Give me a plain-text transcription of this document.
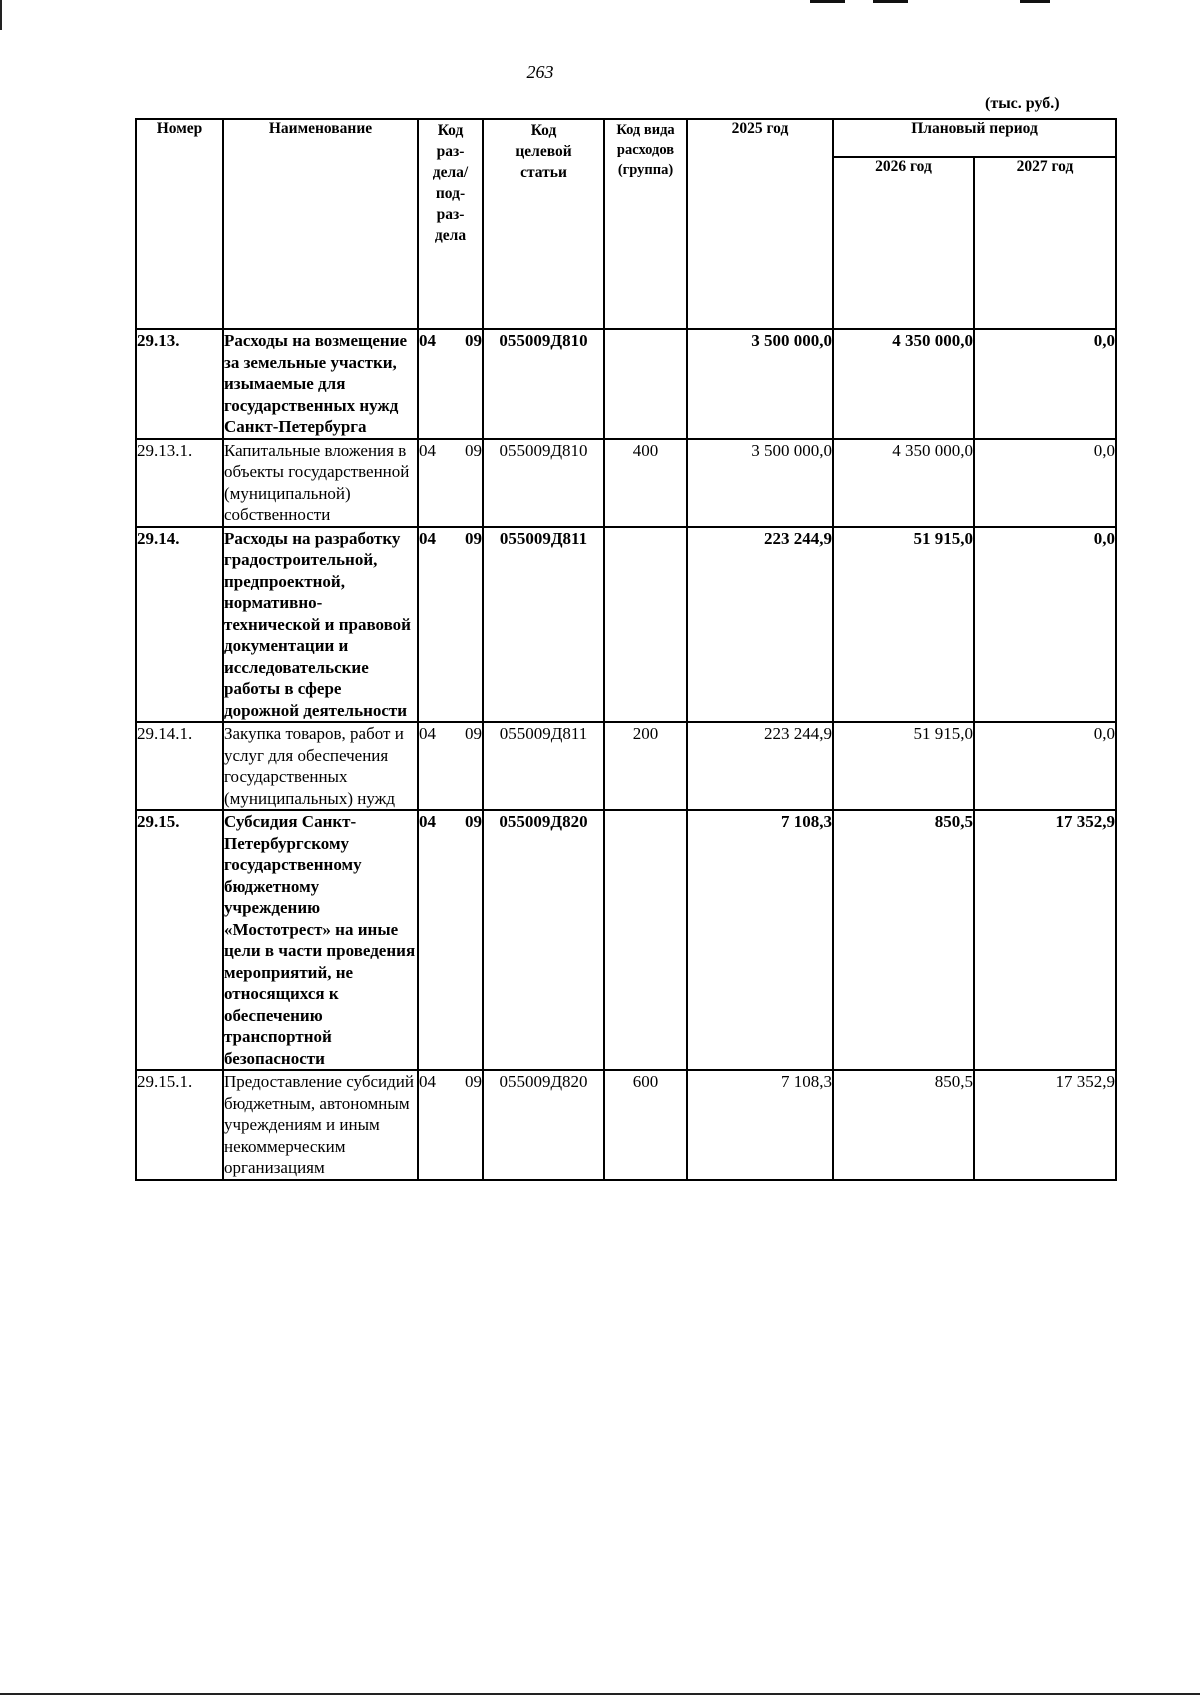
263
(тыс. руб.)
Номер	Наименование	Код раз-дела/ под-раз-дела	Код целевой статьи	Код вида расходов (группа)	2025 год	Плановый период	
						2026 год	2027 год
29.13.	Расходы на возмещение за земельные участки, изымаемые для государственных нужд Санкт-Петербурга	04 09	055009Д810		3 500 000,0	4 350 000,0	0,0
29.13.1.	Капитальные вложения в объекты государственной (муниципальной) собственности	04 09	055009Д810	400	3 500 000,0	4 350 000,0	0,0
29.14.	Расходы на разработку градостроительной, предпроектной, нормативно-технической и правовой документации и исследовательские работы в сфере дорожной деятельности	04 09	055009Д811		223 244,9	51 915,0	0,0
29.14.1.	Закупка товаров, работ и услуг для обеспечения государственных (муниципальных) нужд	04 09	055009Д811	200	223 244,9	51 915,0	0,0
29.15.	Субсидия Санкт-Петербургскому государственному бюджетному учреждению «Мостотрест» на иные цели в части проведения мероприятий, не относящихся к обеспечению транспортной безопасности	04 09	055009Д820		7 108,3	850,5	17 352,9
29.15.1.	Предоставление субсидий бюджетным, автономным учреждениям и иным некоммерческим организациям	04 09	055009Д820	600	7 108,3	850,5	17 352,9
